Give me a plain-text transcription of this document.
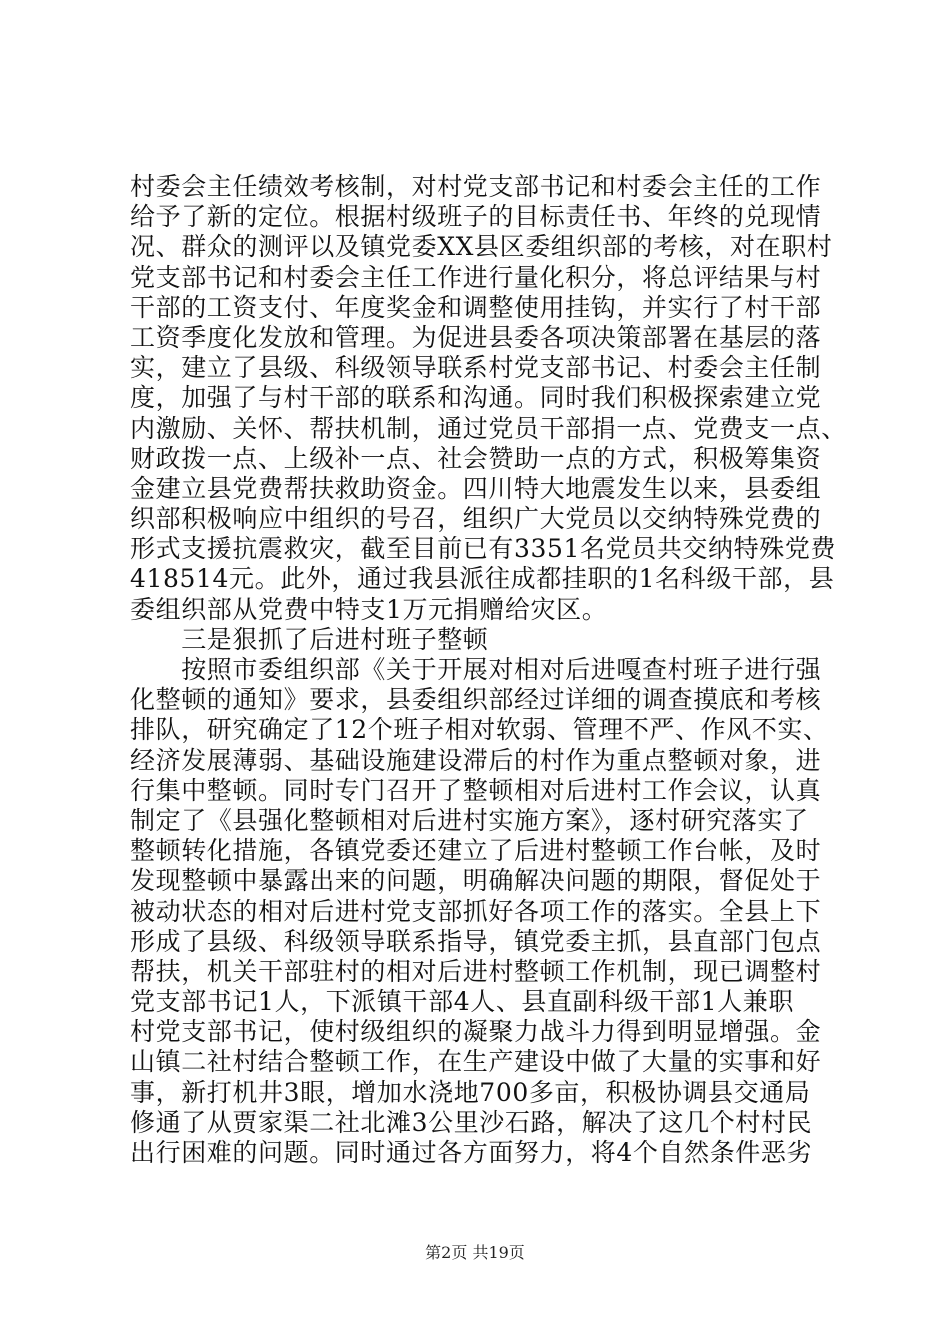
村委会主任绩效考核制，对村党支部书记和村委会主任的工作
给予了新的定位。根据村级班子的目标责任书、年终的兑现情
况、群众的测评以及镇党委XX县区委组织部的考核，对在职村
党支部书记和村委会主任工作进行量化积分，将总评结果与村
干部的工资支付、年度奖金和调整使用挂钩，并实行了村干部
工资季度化发放和管理。为促进县委各项决策部署在基层的落
实，建立了县级、科级领导联系村党支部书记、村委会主任制
度，加强了与村干部的联系和沟通。同时我们积极探索建立党
内激励、关怀、帮扶机制，通过党员干部捐一点、党费支一点、
财政拨一点、上级补一点、社会赞助一点的方式，积极筹集资
金建立县党费帮扶救助资金。四川特大地震发生以来，县委组
织部积极响应中组织的号召，组织广大党员以交纳特殊党费的
形式支援抗震救灾，截至目前已有3351名党员共交纳特殊党费
418514元。此外，通过我县派往成都挂职的1名科级干部，县
委组织部从党费中特支1万元捐赠给灾区。
　　三是狠抓了后进村班子整顿
　　按照市委组织部《关于开展对相对后进嘎查村班子进行强
化整顿的通知》要求，县委组织部经过详细的调查摸底和考核
排队，研究确定了12个班子相对软弱、管理不严、作风不实、
经济发展薄弱、基础设施建设滞后的村作为重点整顿对象，进
行集中整顿。同时专门召开了整顿相对后进村工作会议，认真
制定了《县强化整顿相对后进村实施方案》，逐村研究落实了
整顿转化措施，各镇党委还建立了后进村整顿工作台帐，及时
发现整顿中暴露出来的问题，明确解决问题的期限，督促处于
被动状态的相对后进村党支部抓好各项工作的落实。全县上下
形成了县级、科级领导联系指导，镇党委主抓，县直部门包点
帮扶，机关干部驻村的相对后进村整顿工作机制，现已调整村
党支部书记1人，下派镇干部4人、县直副科级干部1人兼职
村党支部书记，使村级组织的凝聚力战斗力得到明显增强。金
山镇二社村结合整顿工作，在生产建设中做了大量的实事和好
事，新打机井3眼，增加水浇地700多亩，积极协调县交通局
修通了从贾家渠二社北滩3公里沙石路，解决了这几个村村民
出行困难的问题。同时通过各方面努力，将4个自然条件恶劣
第2页 共19页
